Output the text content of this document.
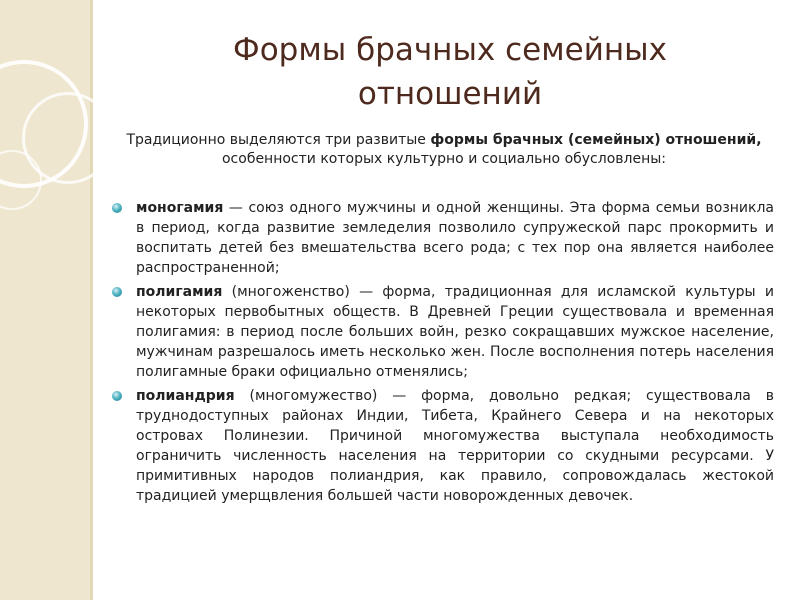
Формы брачных семейных
отношений
Традиционно выделяются три развитые формы брачных (семейных) отношений, особенности которых культурно и социально обусловлены:
моногамия — союз одного мужчины и одной женщины. Эта форма семьи возникла в период, когда развитие земледелия позволило супружеской парс прокормить и воспитать детей без вмешательства всего рода; с тех пор она является наиболее распространенной;
полигамия (многоженство) — форма, традиционная для исламской культуры и некоторых первобытных обществ. В Древней Греции существовала и временная полигамия: в период после больших войн, резко сокращавших мужское население, мужчинам разрешалось иметь несколько жен. После восполнения потерь населения полигамные браки официально отменялись;
полиандрия (многомужество) — форма, довольно редкая; существовала в труднодоступных районах Индии, Тибета, Крайнего Севера и на некоторых островах Полинезии. Причиной многомужества выступала необходимость ограничить численность населения на территории со скудными ресурсами. У примитивных народов полиандрия, как правило, сопровождалась жестокой традицией умерщвления большей части новорожденных девочек.
